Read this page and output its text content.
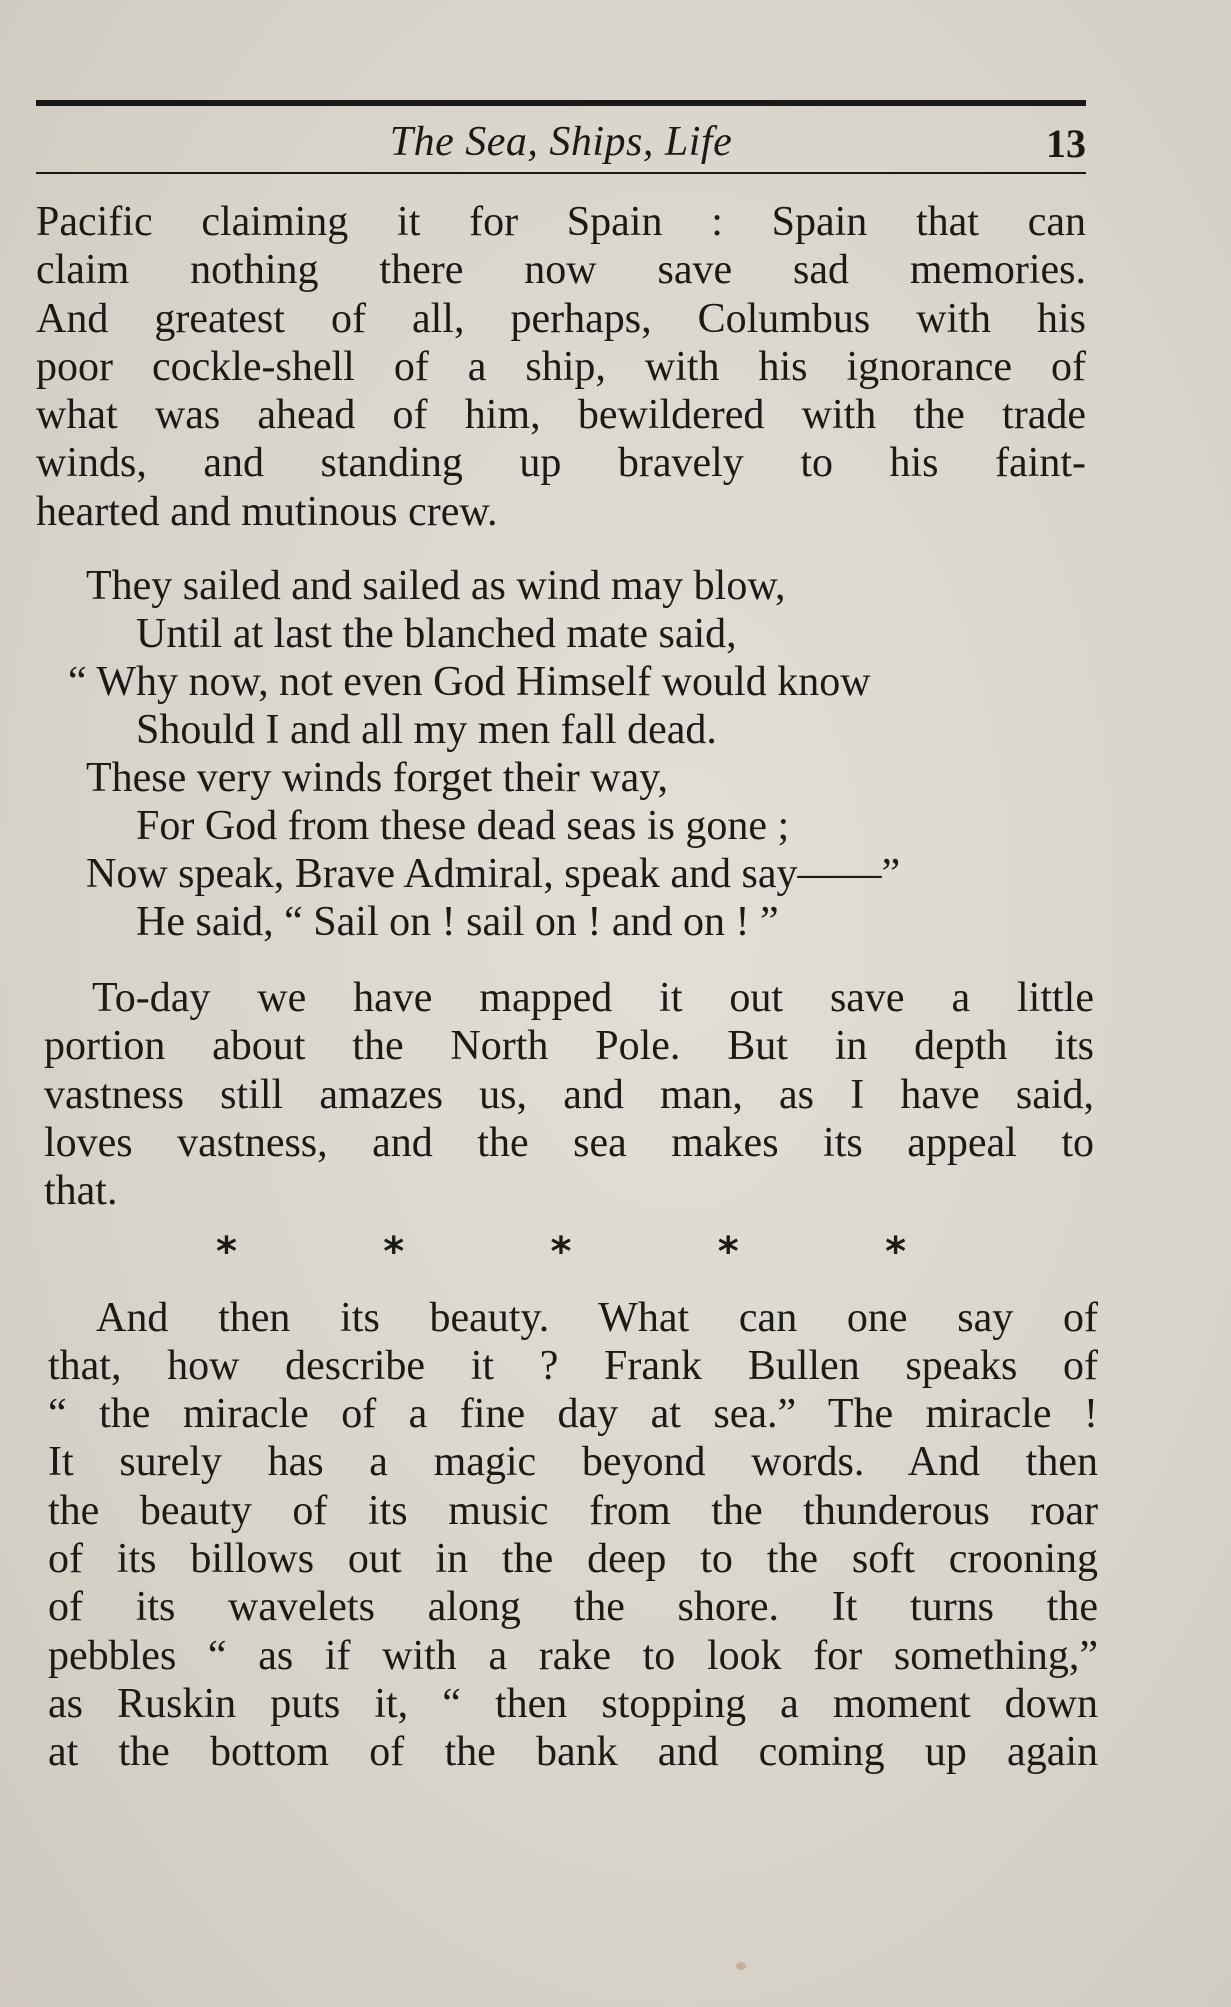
The Sea, Ships, Life	13
Pacific claiming it for Spain : Spain that can
claim nothing there now save sad memories.
And greatest of all, perhaps, Columbus with his
poor cockle-shell of a ship, with his ignorance of
what was ahead of him, bewildered with the trade
winds, and standing up bravely to his faint-
hearted and mutinous crew.
They sailed and sailed as wind may blow,
Until at last the blanched mate said,
“ Why now, not even God Himself would know
Should I and all my men fall dead.
These very winds forget their way,
For God from these dead seas is gone ;
Now speak, Brave Admiral, speak and say——”
He said, “ Sail on ! sail on ! and on ! ”
To-day we have mapped it out save a little
portion about the North Pole. But in depth its
vastness still amazes us, and man, as I have said,
loves vastness, and the sea makes its appeal to
that.
*	*	*	*	*
And then its beauty. What can one say of
that, how describe it ? Frank Bullen speaks of
“ the miracle of a fine day at sea.” The miracle !
It surely has a magic beyond words. And then
the beauty of its music from the thunderous roar
of its billows out in the deep to the soft crooning
of its wavelets along the shore. It turns the
pebbles “ as if with a rake to look for something,”
as Ruskin puts it, “ then stopping a moment down
at the bottom of the bank and coming up again
